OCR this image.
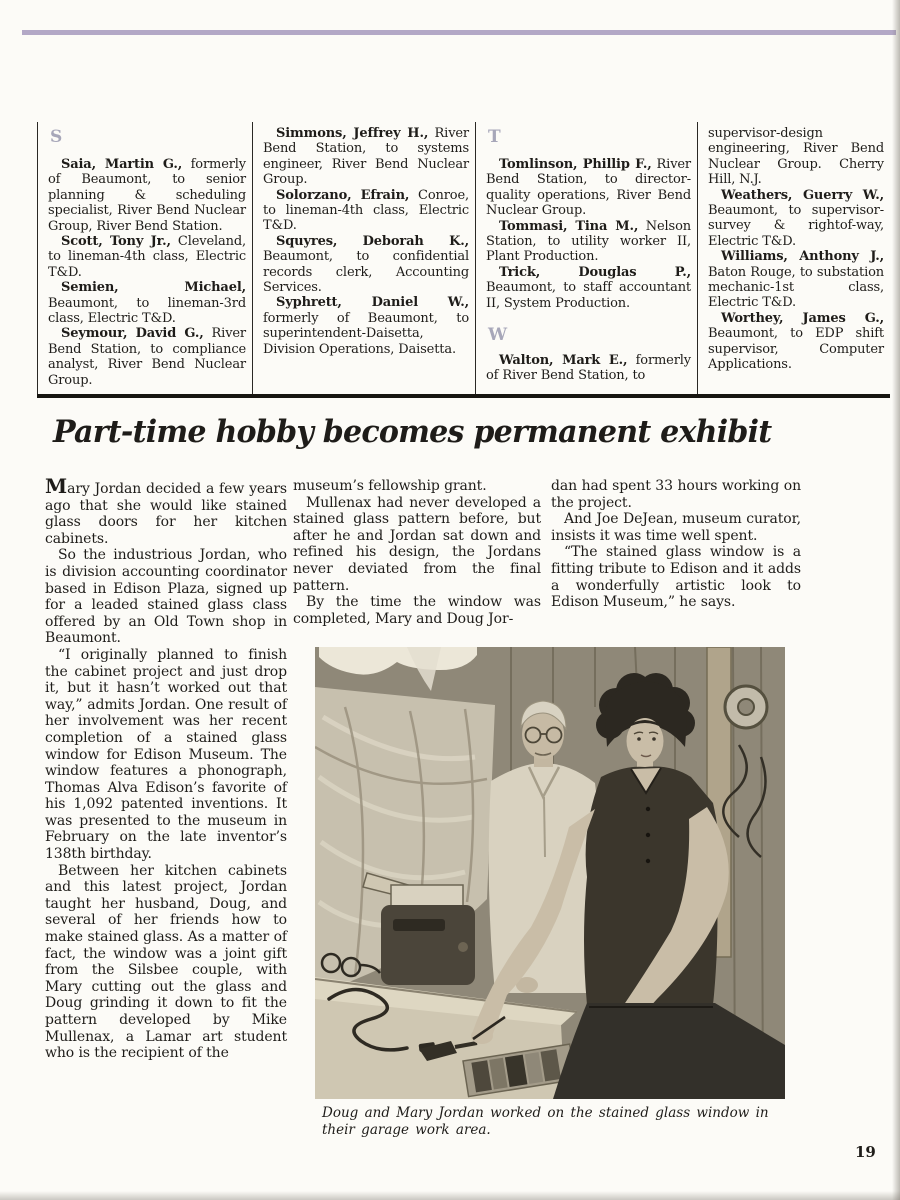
S

Saia, Martin G., formerly of Beaumont, to senior planning & scheduling specialist, River Bend Nuclear Group, River Bend Station.

Scott, Tony Jr., Cleveland, to lineman-4th class, Electric T&D.

Semien, Michael, Beaumont, to lineman-3rd class, Electric T&D.

Seymour, David G., River Bend Station, to compliance analyst, River Bend Nuclear Group.

Simmons, Jeffrey H., River Bend Station, to systems engineer, River Bend Nuclear Group.

Solorzano, Efrain, Conroe, to lineman-4th class, Electric T&D.

Squyres, Deborah K., Beaumont, to confidential records clerk, Accounting Services.

Syphrett, Daniel W., formerly of Beaumont, to superintendent-Daisetta, Division Operations, Daisetta.

T

Tomlinson, Phillip F., River Bend Station, to director-quality operations, River Bend Nuclear Group.

Tommasi, Tina M., Nelson Station, to utility worker II, Plant Production.

Trick, Douglas P., Beaumont, to staff accountant II, System Production.

W

Walton, Mark E., formerly of River Bend Station, to

supervisor-design engineering, River Bend Nuclear Group. Cherry Hill, N.J.

Weathers, Guerry W., Beaumont, to supervisor-survey & rightof-way, Electric T&D.

Williams, Anthony J., Baton Rouge, to substation mechanic-1st class, Electric T&D.

Worthey, James G., Beaumont, to EDP shift supervisor, Computer Applications.

Part-time hobby becomes permanent exhibit

Mary Jordan decided a few years ago that she would like stained glass doors for her kitchen cabinets.

So the industrious Jordan, who is division accounting coordinator based in Edison Plaza, signed up for a leaded stained glass class offered by an Old Town shop in Beaumont.

“I originally planned to finish the cabinet project and just drop it, but it hasn’t worked out that way,” admits Jordan. One result of her involvement was her recent completion of a stained glass window for Edison Museum. The window features a phonograph, Thomas Alva Edison’s favorite of his 1,092 patented inventions. It was presented to the museum in February on the late inventor’s 138th birthday.

Between her kitchen cabinets and this latest project, Jordan taught her husband, Doug, and several of her friends how to make stained glass. As a matter of fact, the window was a joint gift from the Silsbee couple, with Mary cutting out the glass and Doug grinding it down to fit the pattern developed by Mike Mullenax, a Lamar art student who is the recipient of the

museum’s fellowship grant.

Mullenax had never developed a stained glass pattern before, but after he and Jordan sat down and refined his design, the Jordans never deviated from the final pattern.

By the time the window was completed, Mary and Doug Jor-

dan had spent 33 hours working on the project.

And Joe DeJean, museum curator, insists it was time well spent.

“The stained glass window is a fitting tribute to Edison and it adds a wonderfully artistic look to Edison Museum,” he says.

Doug and Mary Jordan worked on the stained glass window in their garage work area.
19
